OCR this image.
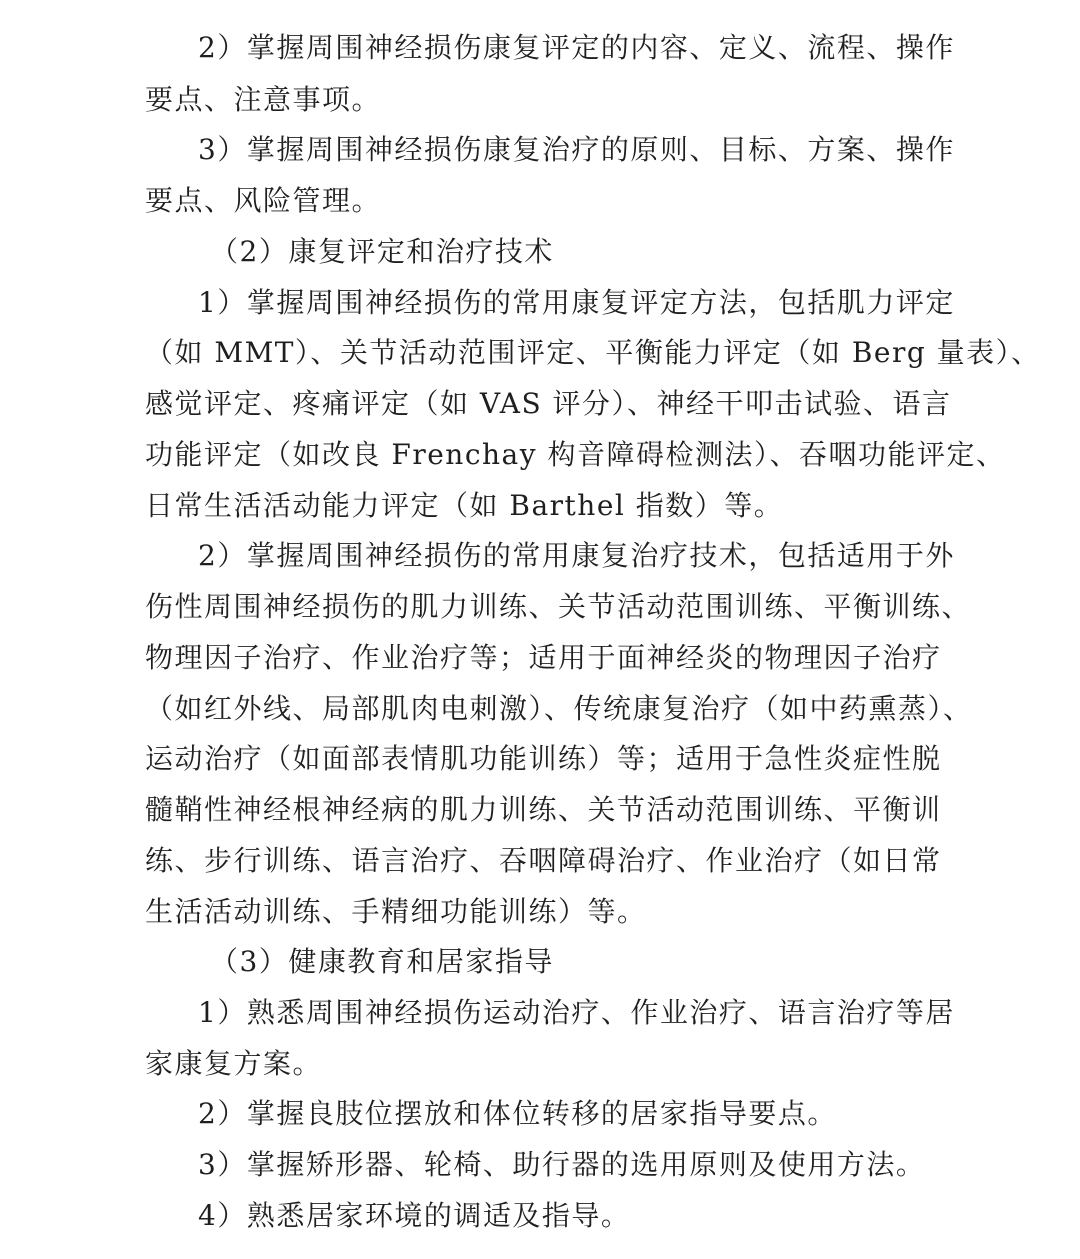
2）掌握周围神经损伤康复评定的内容、定义、流程、操作
要点、注意事项。
3）掌握周围神经损伤康复治疗的原则、目标、方案、操作
要点、风险管理。
（2）康复评定和治疗技术
1）掌握周围神经损伤的常用康复评定方法，包括肌力评定
（如 MMT）、关节活动范围评定、平衡能力评定（如 Berg 量表）、
感觉评定、疼痛评定（如 VAS 评分）、神经干叩击试验、语言
功能评定（如改良 Frenchay 构音障碍检测法）、吞咽功能评定、
日常生活活动能力评定（如 Barthel 指数）等。
2）掌握周围神经损伤的常用康复治疗技术，包括适用于外
伤性周围神经损伤的肌力训练、关节活动范围训练、平衡训练、
物理因子治疗、作业治疗等；适用于面神经炎的物理因子治疗
（如红外线、局部肌肉电刺激）、传统康复治疗（如中药熏蒸）、
运动治疗（如面部表情肌功能训练）等；适用于急性炎症性脱
髓鞘性神经根神经病的肌力训练、关节活动范围训练、平衡训
练、步行训练、语言治疗、吞咽障碍治疗、作业治疗（如日常
生活活动训练、手精细功能训练）等。
（3）健康教育和居家指导
1）熟悉周围神经损伤运动治疗、作业治疗、语言治疗等居
家康复方案。
2）掌握良肢位摆放和体位转移的居家指导要点。
3）掌握矫形器、轮椅、助行器的选用原则及使用方法。
4）熟悉居家环境的调适及指导。
